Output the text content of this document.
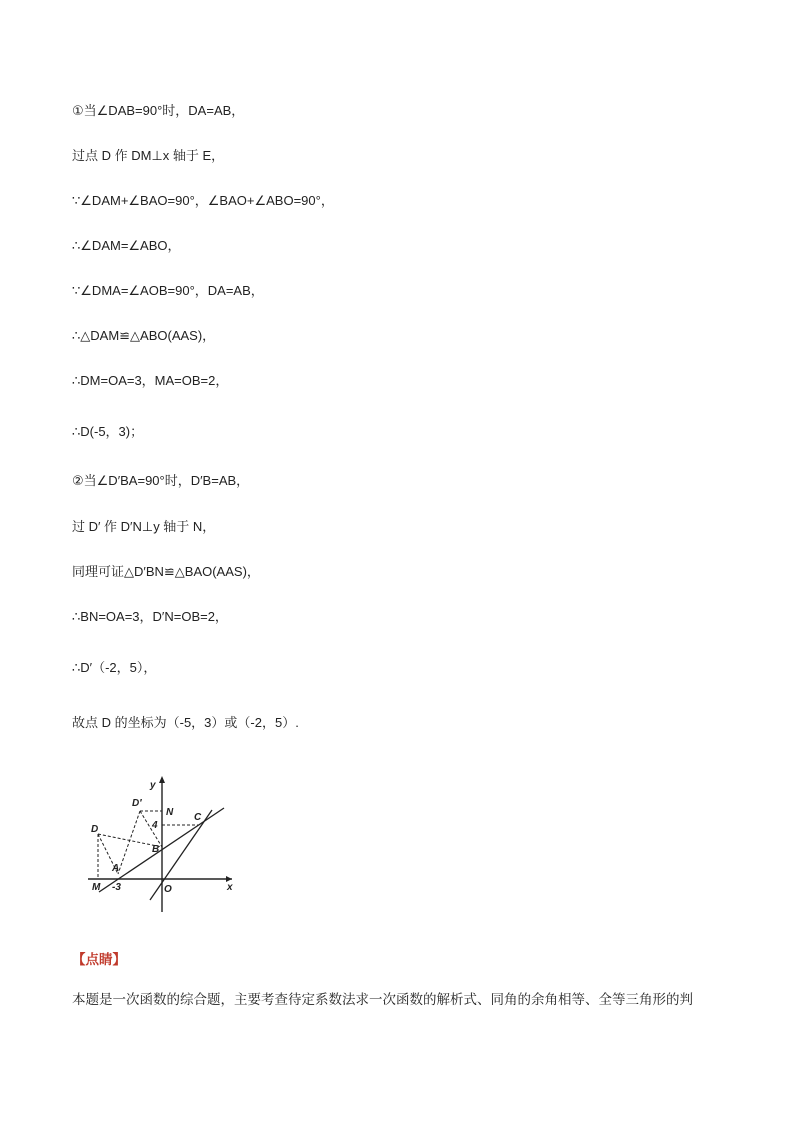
①当∠DAB=90°时，DA=AB，
过点 D 作 DM⊥x 轴于 E，
∵∠DAM+∠BAO=90°，∠BAO+∠ABO=90°，
∴∠DAM=∠ABO，
∵∠DMA=∠AOB=90°，DA=AB，
∴△DAM≌△ABO(AAS)，
∴DM=OA=3，MA=OB=2，
∴D(-5，3)；
②当∠D′BA=90°时，D′B=AB，
过 D′ 作 D′N⊥y 轴于 N，
同理可证△D′BN≌△BAO(AAS)，
∴BN=OA=3，D′N=OB=2，
∴D′（-2，5），
故点 D 的坐标为（-5，3）或（-2，5）.
y
x
D′
N C
4
D
B
A
M -3	O
【点睛】
本题是一次函数的综合题，主要考查待定系数法求一次函数的解析式、同角的余角相等、全等三角形的判
